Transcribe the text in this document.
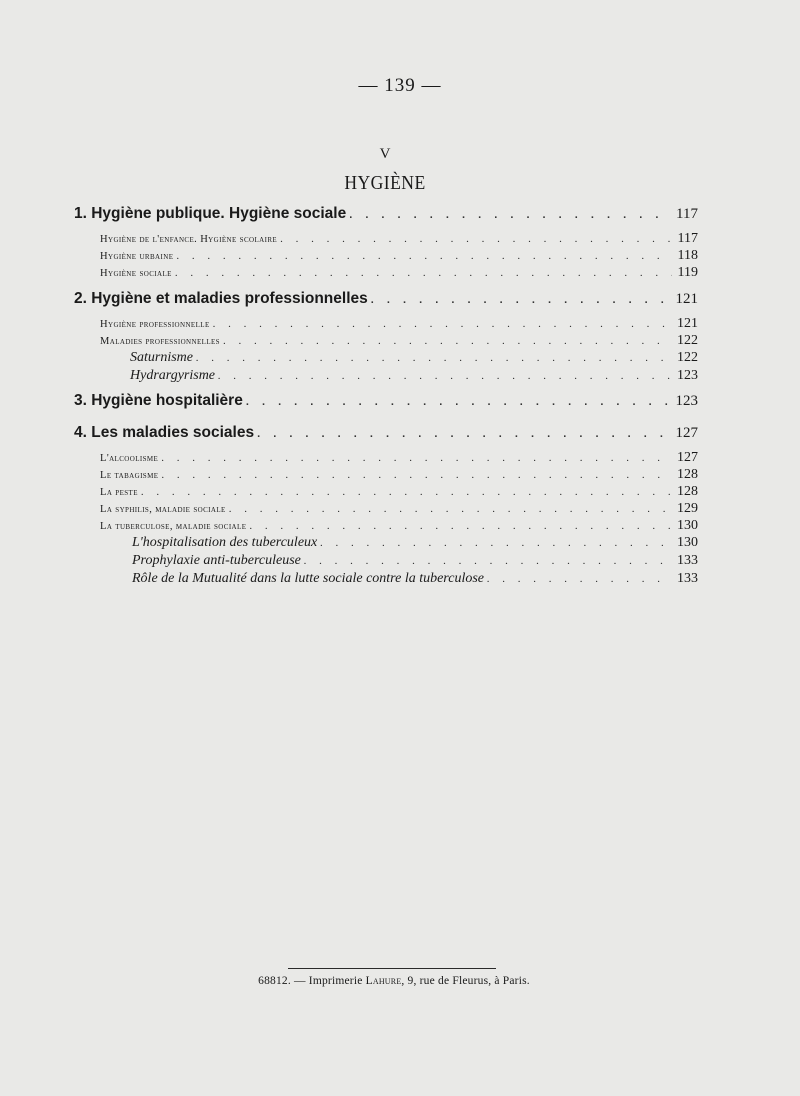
— 139 —
V
HYGIÈNE
1. Hygiène publique. Hygiène sociale . . .	117
Hygiène de l'enfance. Hygiène scolaire . . .	117
Hygiène urbaine . . .	118
Hygiène sociale . . .	119
2. Hygiène et maladies professionnelles . . .	121
Hygiène professionnelle . . .	121
Maladies professionnelles . . .	122
Saturnisme . . .	122
Hydrargyrisme . . .	123
3. Hygiène hospitalière . . .	123
4. Les maladies sociales . . .	127
L'alcoolisme . . .	127
Le tabagisme . . .	128
La peste . . .	128
La syphilis, maladie sociale . . .	129
La tuberculose, maladie sociale . . .	130
L'hospitalisation des tuberculeux . . .	130
Prophylaxie anti-tuberculeuse . . .	133
Rôle de la Mutualité dans la lutte sociale contre la tuberculose . . .	133
68812. — Imprimerie Lahure, 9, rue de Fleurus, à Paris.
